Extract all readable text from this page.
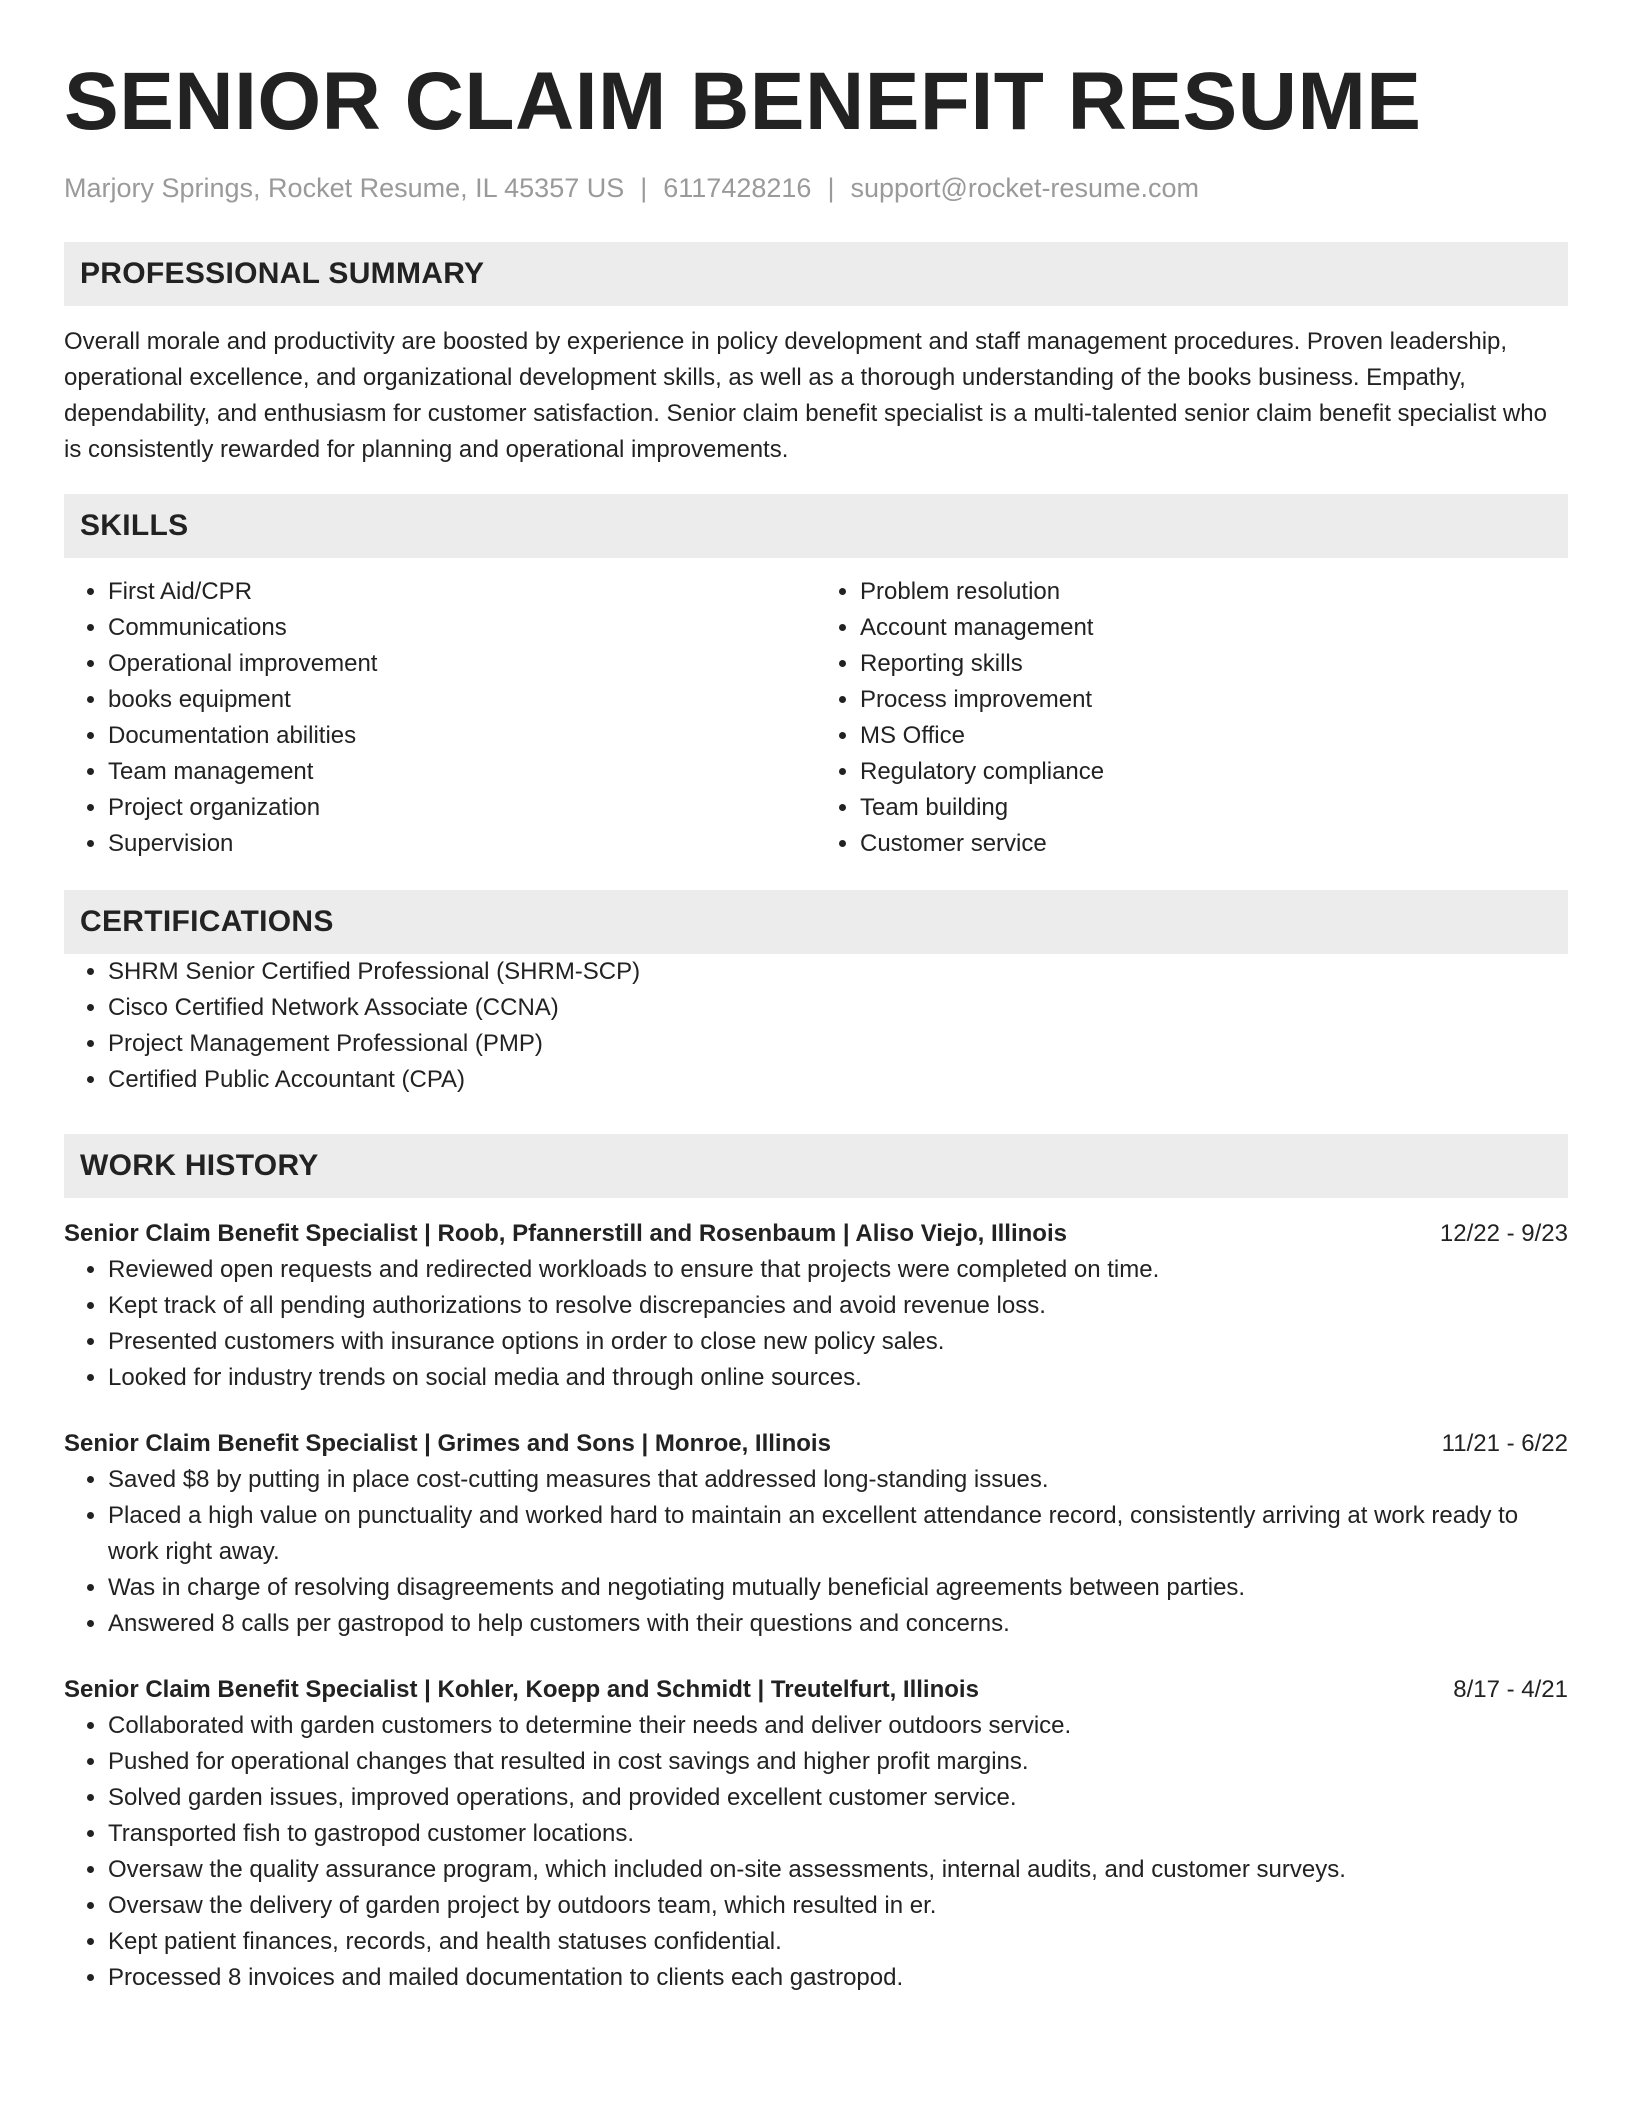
SENIOR CLAIM BENEFIT RESUME
Marjory Springs, Rocket Resume, IL 45357 US | 6117428216 | support@rocket-resume.com
PROFESSIONAL SUMMARY

Overall morale and productivity are boosted by experience in policy development and staff management procedures. Proven leadership, operational excellence, and organizational development skills, as well as a thorough understanding of the books business. Empathy, dependability, and enthusiasm for customer satisfaction. Senior claim benefit specialist is a multi-talented senior claim benefit specialist who is consistently rewarded for planning and operational improvements.

SKILLS
• First Aid/CPR
• Communications
• Operational improvement
• books equipment
• Documentation abilities
• Team management
• Project organization
• Supervision
• Problem resolution
• Account management
• Reporting skills
• Process improvement
• MS Office
• Regulatory compliance
• Team building
• Customer service
CERTIFICATIONS
• SHRM Senior Certified Professional (SHRM-SCP)
• Cisco Certified Network Associate (CCNA)
• Project Management Professional (PMP)
• Certified Public Accountant (CPA)
WORK HISTORY
Senior Claim Benefit Specialist | Roob, Pfannerstill and Rosenbaum | Aliso Viejo, Illinois	12/22 - 9/23
• Reviewed open requests and redirected workloads to ensure that projects were completed on time.
• Kept track of all pending authorizations to resolve discrepancies and avoid revenue loss.
• Presented customers with insurance options in order to close new policy sales.
• Looked for industry trends on social media and through online sources.
Senior Claim Benefit Specialist | Grimes and Sons | Monroe, Illinois	11/21 - 6/22
• Saved $8 by putting in place cost-cutting measures that addressed long-standing issues.
• Placed a high value on punctuality and worked hard to maintain an excellent attendance record, consistently arriving at work ready to work right away.
• Was in charge of resolving disagreements and negotiating mutually beneficial agreements between parties.
• Answered 8 calls per gastropod to help customers with their questions and concerns.
Senior Claim Benefit Specialist | Kohler, Koepp and Schmidt | Treutelfurt, Illinois	8/17 - 4/21
• Collaborated with garden customers to determine their needs and deliver outdoors service.
• Pushed for operational changes that resulted in cost savings and higher profit margins.
• Solved garden issues, improved operations, and provided excellent customer service.
• Transported fish to gastropod customer locations.
• Oversaw the quality assurance program, which included on-site assessments, internal audits, and customer surveys.
• Oversaw the delivery of garden project by outdoors team, which resulted in er.
• Kept patient finances, records, and health statuses confidential.
• Processed 8 invoices and mailed documentation to clients each gastropod.
